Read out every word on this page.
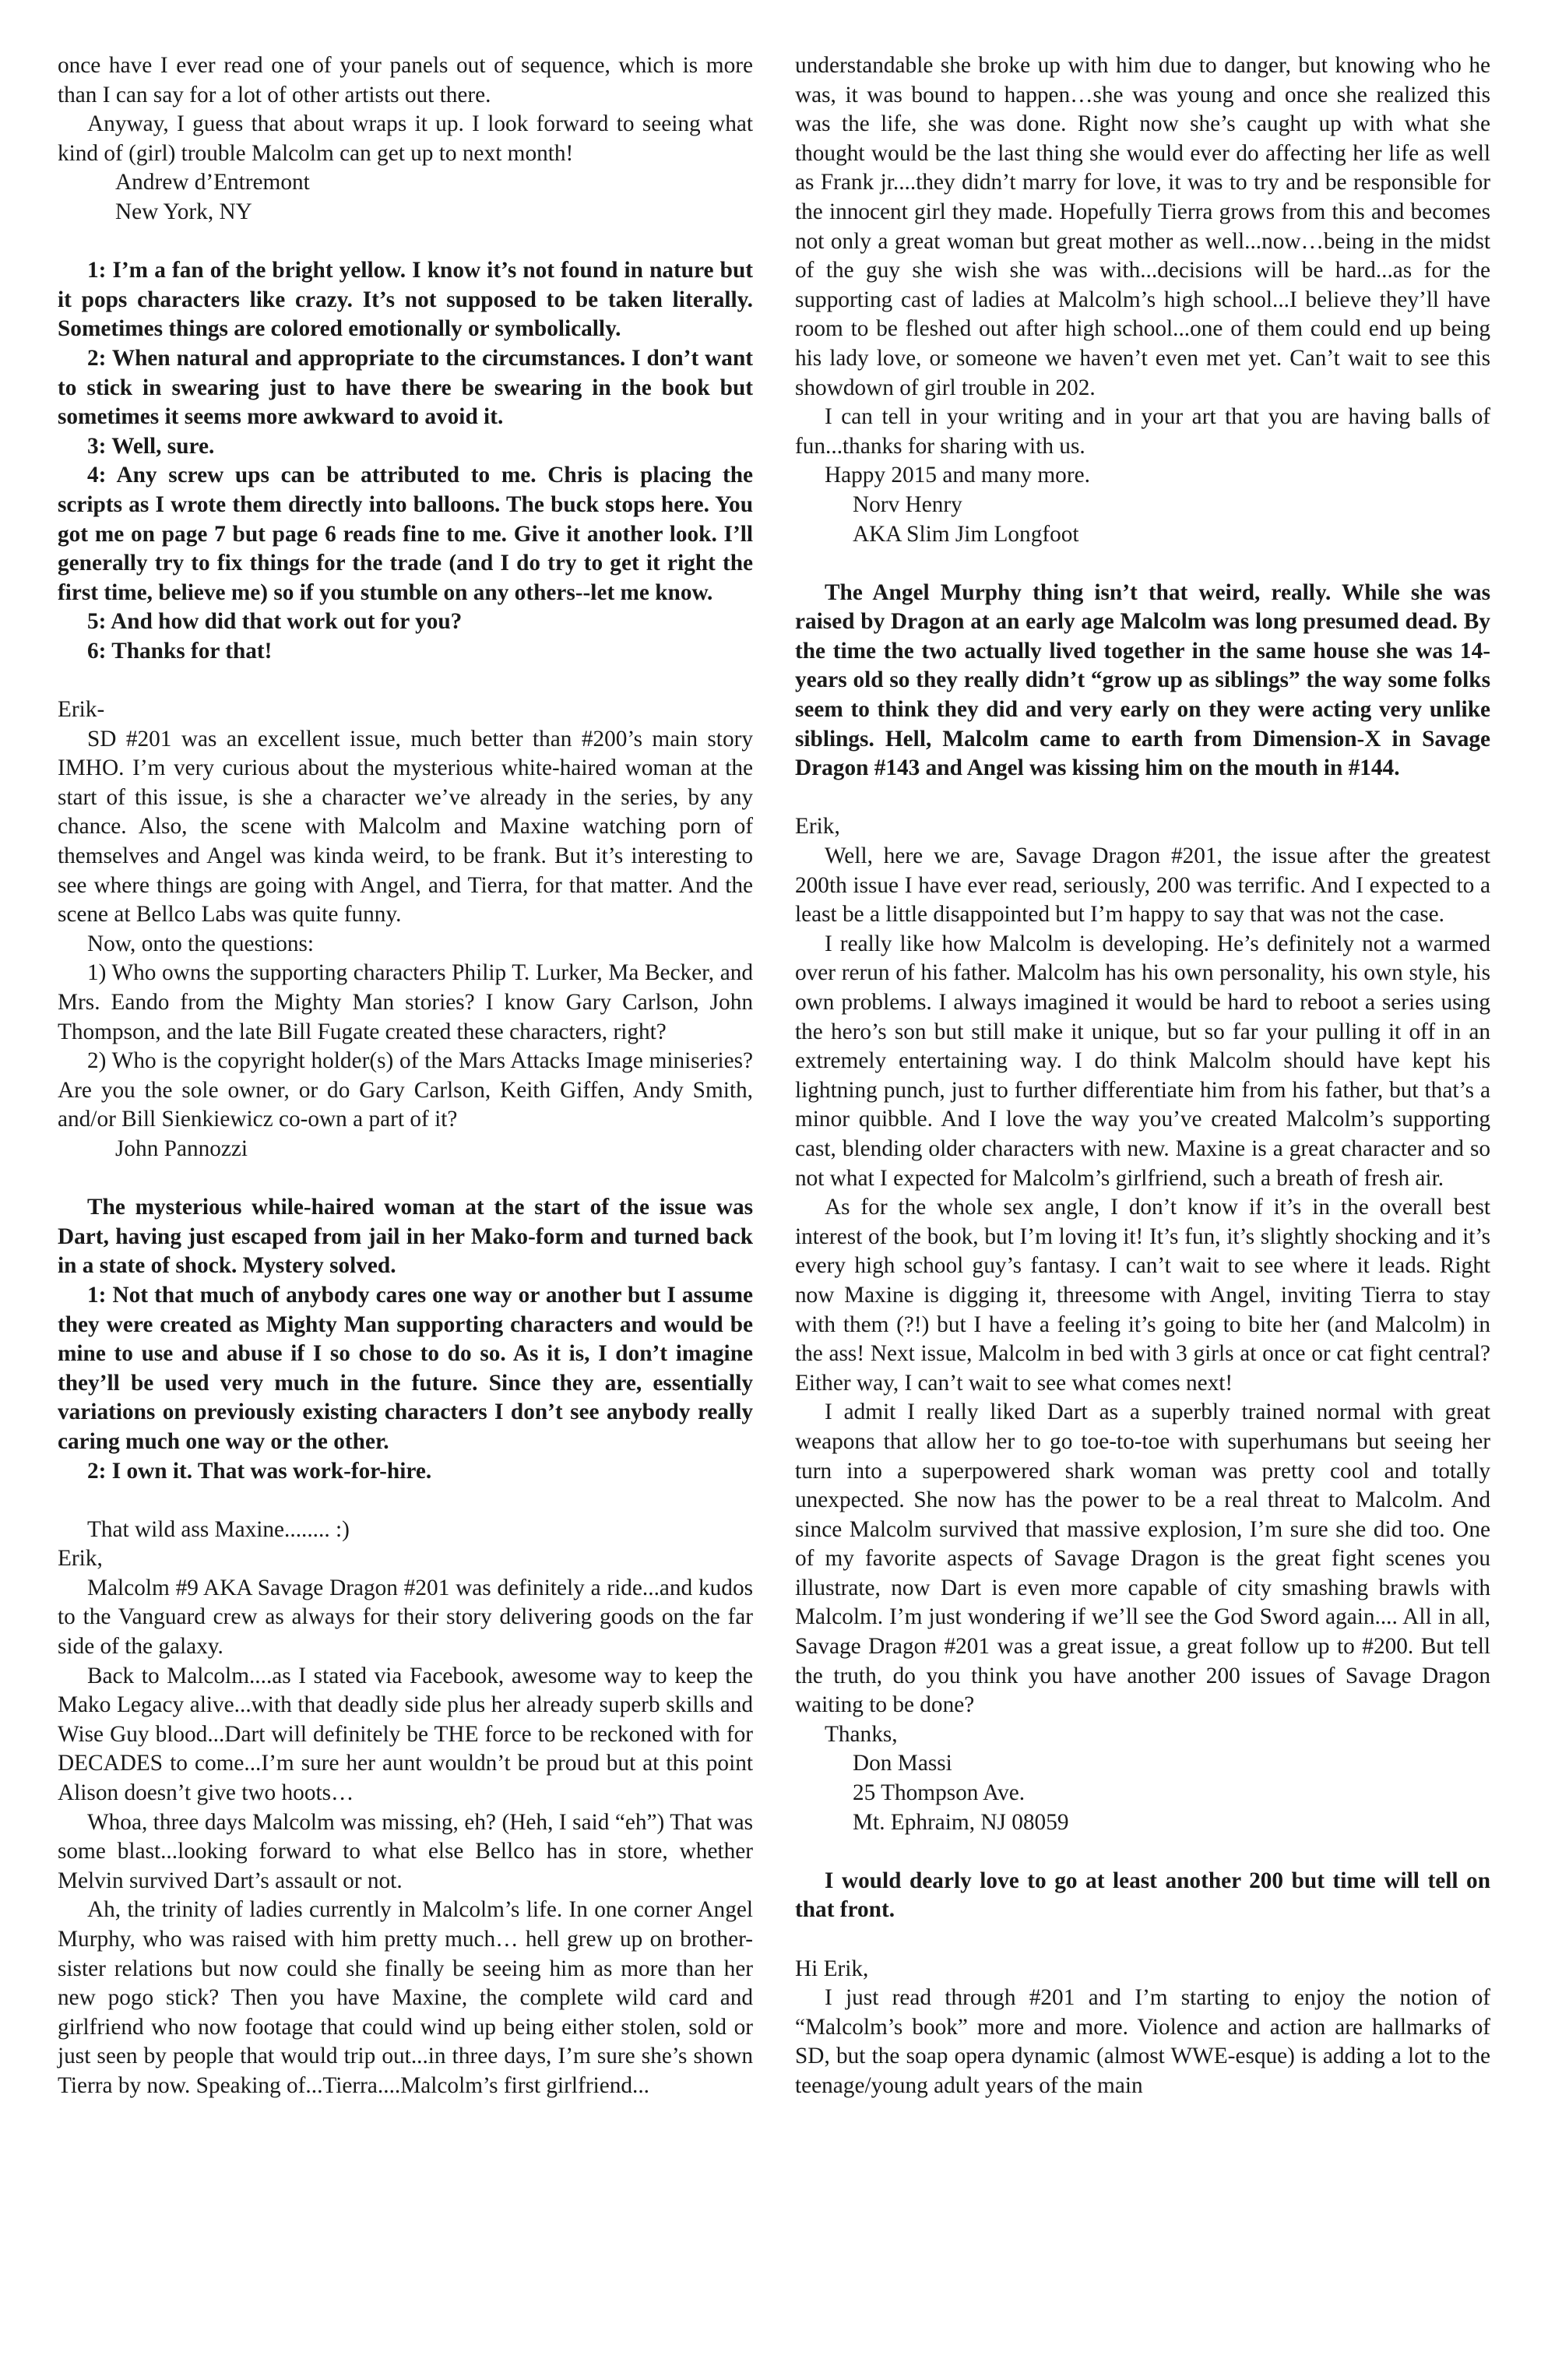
once have I ever read one of your panels out of sequence, which is more than I can say for a lot of other artists out there.

Anyway, I guess that about wraps it up. I look forward to seeing what kind of (girl) trouble Malcolm can get up to next month!

Andrew d’Entremont

New York, NY

1: I’m a fan of the bright yellow. I know it’s not found in nature but it pops characters like crazy. It’s not supposed to be taken literally. Sometimes things are colored emotionally or symbolically.

2: When natural and appropriate to the circumstances. I don’t want to stick in swearing just to have there be swearing in the book but sometimes it seems more awkward to avoid it.

3: Well, sure.

4: Any screw ups can be attributed to me. Chris is placing the scripts as I wrote them directly into balloons. The buck stops here. You got me on page 7 but page 6 reads fine to me. Give it another look. I’ll generally try to fix things for the trade (and I do try to get it right the first time, believe me) so if you stumble on any others--let me know.

5: And how did that work out for you?

6: Thanks for that!

Erik-

SD #201 was an excellent issue, much better than #200’s main story IMHO. I’m very curious about the mysterious white-haired woman at the start of this issue, is she a character we’ve already in the series, by any chance. Also, the scene with Malcolm and Maxine watching porn of themselves and Angel was kinda weird, to be frank. But it’s interesting to see where things are going with Angel, and Tierra, for that matter. And the scene at Bellco Labs was quite funny.

Now, onto the questions:

1) Who owns the supporting characters Philip T. Lurker, Ma Becker, and Mrs. Eando from the Mighty Man stories? I know Gary Carlson, John Thompson, and the late Bill Fugate created these characters, right?

2) Who is the copyright holder(s) of the Mars Attacks Image miniseries? Are you the sole owner, or do Gary Carlson, Keith Giffen, Andy Smith, and/or Bill Sienkiewicz co-own a part of it?

John Pannozzi

The mysterious while-haired woman at the start of the issue was Dart, having just escaped from jail in her Mako-form and turned back in a state of shock. Mystery solved.

1: Not that much of anybody cares one way or another but I assume they were created as Mighty Man supporting characters and would be mine to use and abuse if I so chose to do so. As it is, I don’t imagine they’ll be used very much in the future. Since they are, essentially variations on previously existing characters I don’t see anybody really caring much one way or the other.

2: I own it. That was work-for-hire.

That wild ass Maxine........ :)

Erik,

Malcolm #9 AKA Savage Dragon #201 was definitely a ride...and kudos to the Vanguard crew as always for their story delivering goods on the far side of the galaxy.

Back to Malcolm....as I stated via Facebook, awesome way to keep the Mako Legacy alive...with that deadly side plus her already superb skills and Wise Guy blood...Dart will definitely be THE force to be reckoned with for DECADES to come...I’m sure her aunt wouldn’t be proud but at this point Alison doesn’t give two hoots…

Whoa, three days Malcolm was missing, eh? (Heh, I said “eh”) That was some blast...looking forward to what else Bellco has in store, whether Melvin survived Dart’s assault or not.

Ah, the trinity of ladies currently in Malcolm’s life. In one corner Angel Murphy, who was raised with him pretty much… hell grew up on brother-sister relations but now could she finally be seeing him as more than her new pogo stick? Then you have Maxine, the complete wild card and girlfriend who now footage that could wind up being either stolen, sold or just seen by people that would trip out...in three days, I’m sure she’s shown Tierra by now. Speaking of...Tierra....Malcolm’s first girlfriend...

understandable she broke up with him due to danger, but knowing who he was, it was bound to happen…she was young and once she realized this was the life, she was done. Right now she’s caught up with what she thought would be the last thing she would ever do affecting her life as well as Frank jr....they didn’t marry for love, it was to try and be responsible for the innocent girl they made. Hopefully Tierra grows from this and becomes not only a great woman but great mother as well...now…being in the midst of the guy she wish she was with...decisions will be hard...as for the supporting cast of ladies at Malcolm’s high school...I believe they’ll have room to be fleshed out after high school...one of them could end up being his lady love, or someone we haven’t even met yet. Can’t wait to see this showdown of girl trouble in 202.

I can tell in your writing and in your art that you are having balls of fun...thanks for sharing with us.

Happy 2015 and many more.

Norv Henry

AKA Slim Jim Longfoot

The Angel Murphy thing isn’t that weird, really. While she was raised by Dragon at an early age Malcolm was long presumed dead. By the time the two actually lived together in the same house she was 14-years old so they really didn’t “grow up as siblings” the way some folks seem to think they did and very early on they were acting very unlike siblings. Hell, Malcolm came to earth from Dimension-X in Savage Dragon #143 and Angel was kissing him on the mouth in #144.

Erik,

Well, here we are, Savage Dragon #201, the issue after the greatest 200th issue I have ever read, seriously, 200 was terrific. And I expected to a least be a little disappointed but I’m happy to say that was not the case.

I really like how Malcolm is developing. He’s definitely not a warmed over rerun of his father. Malcolm has his own personality, his own style, his own problems. I always imagined it would be hard to reboot a series using the hero’s son but still make it unique, but so far your pulling it off in an extremely entertaining way. I do think Malcolm should have kept his lightning punch, just to further differentiate him from his father, but that’s a minor quibble. And I love the way you’ve created Malcolm’s supporting cast, blending older characters with new. Maxine is a great character and so not what I expected for Malcolm’s girlfriend, such a breath of fresh air.

As for the whole sex angle, I don’t know if it’s in the overall best interest of the book, but I’m loving it! It’s fun, it’s slightly shocking and it’s every high school guy’s fantasy. I can’t wait to see where it leads. Right now Maxine is digging it, threesome with Angel, inviting Tierra to stay with them (?!) but I have a feeling it’s going to bite her (and Malcolm) in the ass! Next issue, Malcolm in bed with 3 girls at once or cat fight central? Either way, I can’t wait to see what comes next!

I admit I really liked Dart as a superbly trained normal with great weapons that allow her to go toe-to-toe with superhumans but seeing her turn into a superpowered shark woman was pretty cool and totally unexpected. She now has the power to be a real threat to Malcolm. And since Malcolm survived that massive explosion, I’m sure she did too. One of my favorite aspects of Savage Dragon is the great fight scenes you illustrate, now Dart is even more capable of city smashing brawls with Malcolm. I’m just wondering if we’ll see the God Sword again.... All in all, Savage Dragon #201 was a great issue, a great follow up to #200. But tell the truth, do you think you have another 200 issues of Savage Dragon waiting to be done?

Thanks,

Don Massi

25 Thompson Ave.

Mt. Ephraim, NJ 08059

I would dearly love to go at least another 200 but time will tell on that front.

Hi Erik,

I just read through #201 and I’m starting to enjoy the notion of “Malcolm’s book” more and more. Violence and action are hallmarks of SD, but the soap opera dynamic (almost WWE-esque) is adding a lot to the teenage/young adult years of the main
